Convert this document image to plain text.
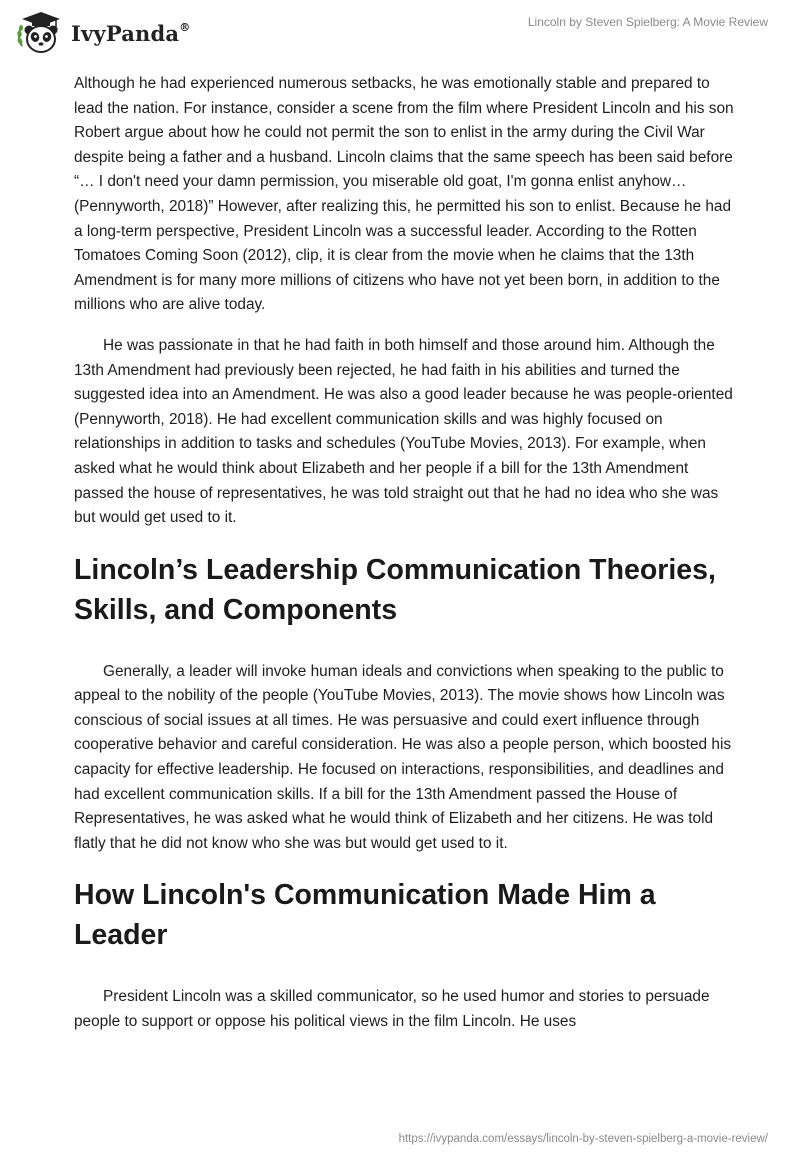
IvyPanda®	Lincoln by Steven Spielberg: A Movie Review

Although he had experienced numerous setbacks, he was emotionally stable and prepared to lead the nation. For instance, consider a scene from the film where President Lincoln and his son Robert argue about how he could not permit the son to enlist in the army during the Civil War despite being a father and a husband. Lincoln claims that the same speech has been said before “… I don't need your damn permission, you miserable old goat, I'm gonna enlist anyhow… (Pennyworth, 2018)” However, after realizing this, he permitted his son to enlist. Because he had a long-term perspective, President Lincoln was a successful leader. According to the Rotten Tomatoes Coming Soon (2012), clip, it is clear from the movie when he claims that the 13th Amendment is for many more millions of citizens who have not yet been born, in addition to the millions who are alive today.

He was passionate in that he had faith in both himself and those around him. Although the 13th Amendment had previously been rejected, he had faith in his abilities and turned the suggested idea into an Amendment. He was also a good leader because he was people-oriented (Pennyworth, 2018). He had excellent communication skills and was highly focused on relationships in addition to tasks and schedules (YouTube Movies, 2013). For example, when asked what he would think about Elizabeth and her people if a bill for the 13th Amendment passed the house of representatives, he was told straight out that he had no idea who she was but would get used to it.

Lincoln’s Leadership Communication Theories, Skills, and Components

Generally, a leader will invoke human ideals and convictions when speaking to the public to appeal to the nobility of the people (YouTube Movies, 2013). The movie shows how Lincoln was conscious of social issues at all times. He was persuasive and could exert influence through cooperative behavior and careful consideration. He was also a people person, which boosted his capacity for effective leadership. He focused on interactions, responsibilities, and deadlines and had excellent communication skills. If a bill for the 13th Amendment passed the House of Representatives, he was asked what he would think of Elizabeth and her citizens. He was told flatly that he did not know who she was but would get used to it.

How Lincoln's Communication Made Him a Leader

President Lincoln was a skilled communicator, so he used humor and stories to persuade people to support or oppose his political views in the film Lincoln. He uses

https://ivypanda.com/essays/lincoln-by-steven-spielberg-a-movie-review/
